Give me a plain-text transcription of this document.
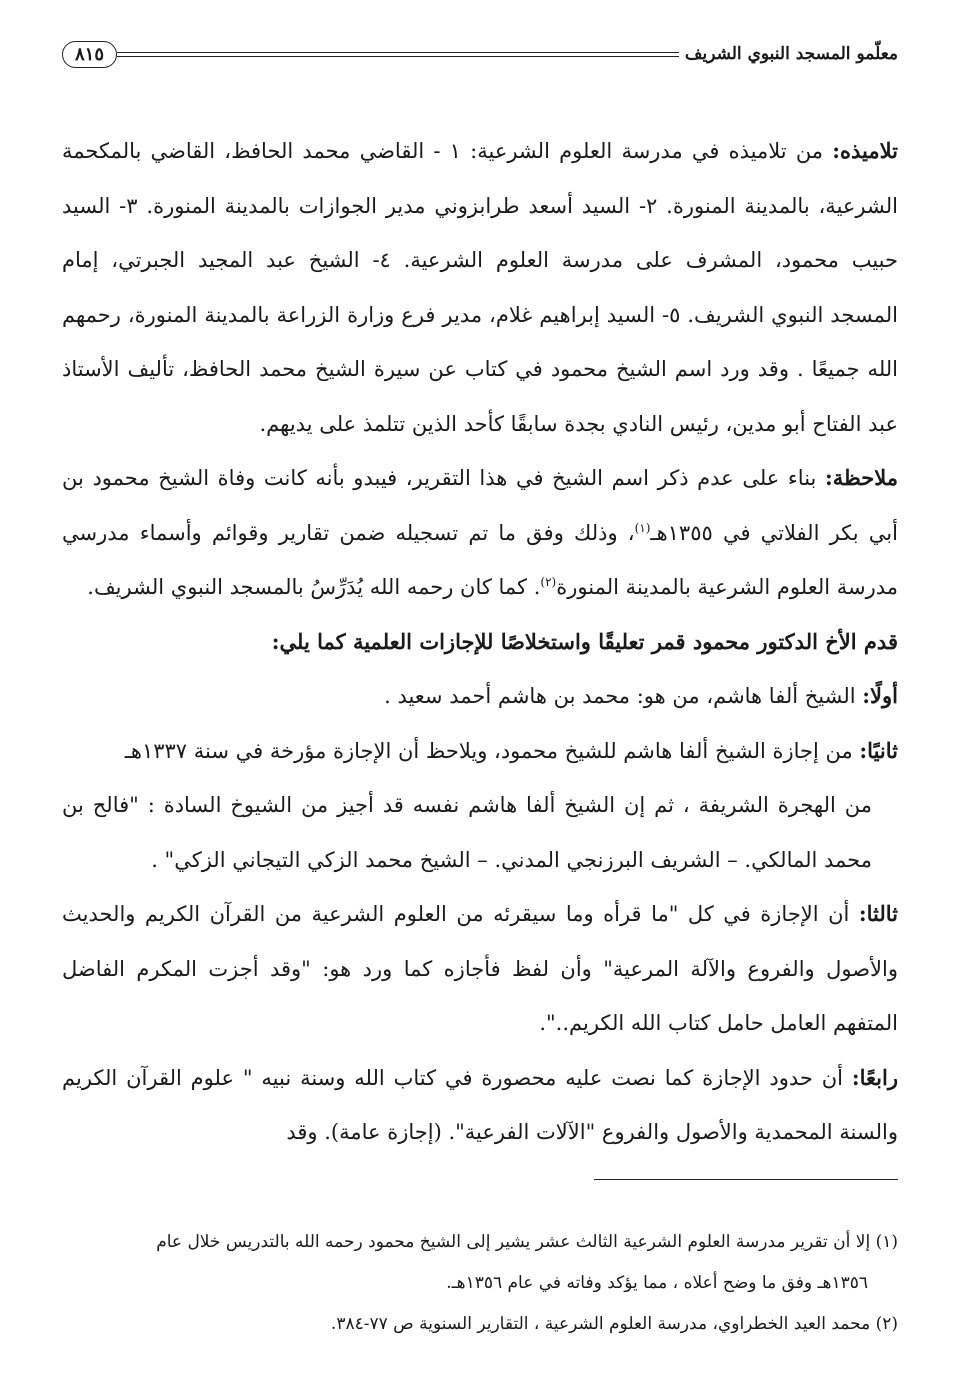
معلّمو المسجد النبوي الشريف
٨١٥

تلاميذه: من تلاميذه في مدرسة العلوم الشرعية: ١ - القاضي محمد الحافظ، القاضي بالمكحمة الشرعية، بالمدينة المنورة. ٢- السيد أسعد طرابزوني مدير الجوازات بالمدينة المنورة. ٣- السيد حبيب محمود، المشرف على مدرسة العلوم الشرعية. ٤- الشيخ عبد المجيد الجبرتي، إمام المسجد النبوي الشريف. ٥- السيد إبراهيم غلام، مدير فرع وزارة الزراعة بالمدينة المنورة، رحمهم الله جميعًا . وقد ورد اسم الشيخ محمود في كتاب عن سيرة الشيخ محمد الحافظ، تأليف الأستاذ عبد الفتاح أبو مدين، رئيس النادي بجدة سابقًا كأحد الذين تتلمذ على يديهم.

ملاحظة: بناء على عدم ذكر اسم الشيخ في هذا التقرير، فيبدو بأنه كانت وفاة الشيخ محمود بن أبي بكر الفلاتي في ١٣٥٥هـ$^{(١)}$، وذلك وفق ما تم تسجيله ضمن تقارير وقوائم وأسماء مدرسي مدرسة العلوم الشرعية بالمدينة المنورة$^{(٢)}$. كما كان رحمه الله يُدَرِّسُ بالمسجد النبوي الشريف.

قدم الأخ الدكتور محمود قمر تعليقًا واستخلاصًا للإجازات العلمية كما يلي:

أولًا: الشيخ ألفا هاشم، من هو: محمد بن هاشم أحمد سعيد .

ثانيًا: من إجازة الشيخ ألفا هاشم للشيخ محمود، ويلاحظ أن الإجازة مؤرخة في سنة ١٣٣٧هـ

من الهجرة الشريفة ، ثم إن الشيخ ألفا هاشم نفسه قد أجيز من الشيوخ السادة : "فالح بن محمد المالكي. – الشريف البرزنجي المدني. – الشيخ محمد الزكي التيجاني الزكي" .

ثالثا: أن الإجازة في كل "ما قرأه وما سيقرئه من العلوم الشرعية من القرآن الكريم والحديث والأصول والفروع والآلة المرعية" وأن لفظ فأجازه كما ورد هو: "وقد أجزت المكرم الفاضل المتفهم العامل حامل كتاب الله الكريم..".

رابعًا: أن حدود الإجازة كما نصت عليه محصورة في كتاب الله وسنة نبيه " علوم القرآن الكريم والسنة المحمدية والأصول والفروع "الآلات الفرعية". (إجازة عامة). وقد

(١) إلا أن تقرير مدرسة العلوم الشرعية الثالث عشر يشير إلى الشيخ محمود رحمه الله بالتدريس خلال عام

١٣٥٦هـ وفق ما وضح أعلاه ، مما يؤكد وفاته في عام ١٣٥٦هـ.

(٢) محمد العيد الخطراوي، مدرسة العلوم الشرعية ، التقارير السنوية ص ٧٧-٣٨٤.
